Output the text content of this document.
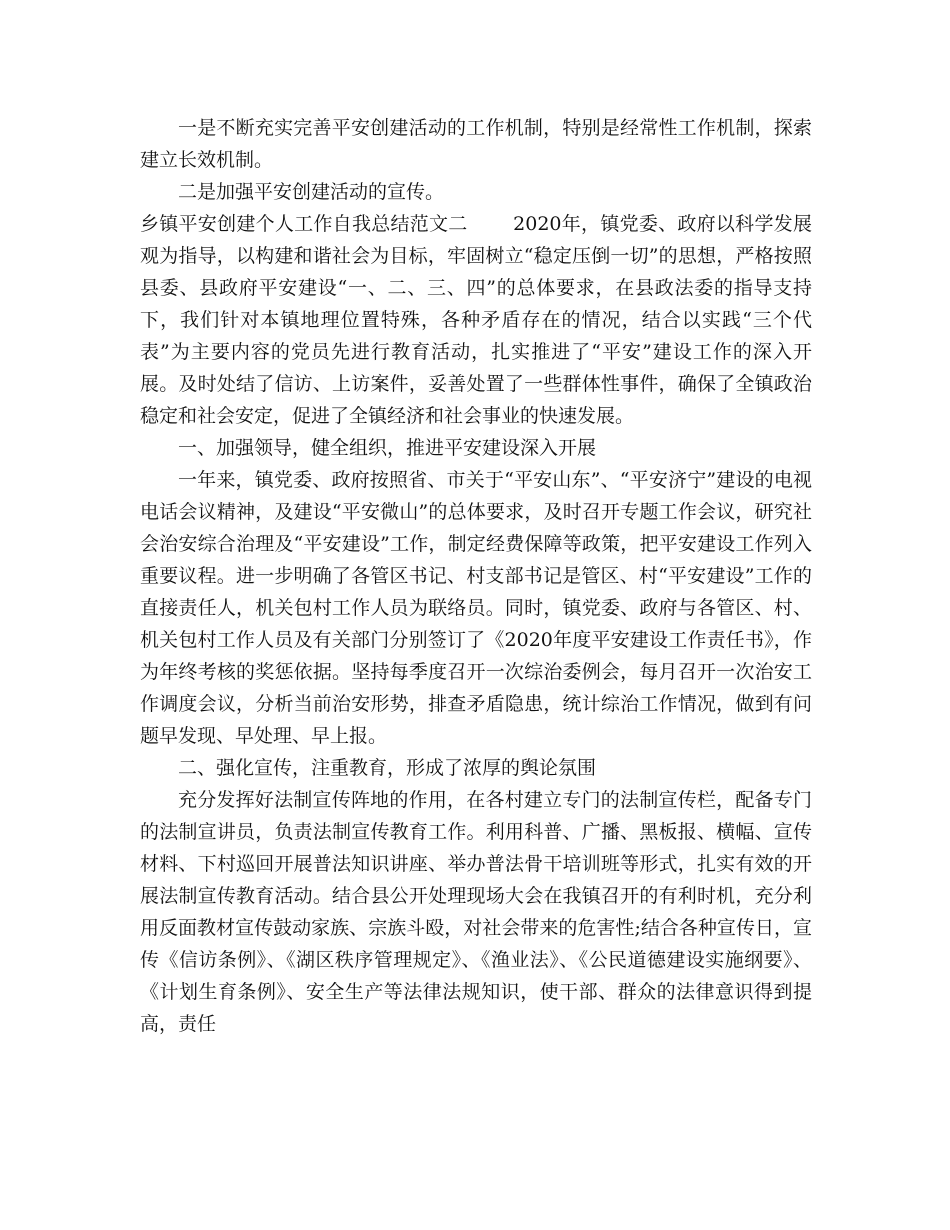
一是不断充实完善平安创建活动的工作机制，特别是经常性工作机制，探索建立长效机制。

二是加强平安创建活动的宣传。

乡镇平安创建个人工作自我总结范文二 2020年，镇党委、政府以科学发展观为指导，以构建和谐社会为目标，牢固树立“稳定压倒一切”的思想，严格按照县委、县政府平安建设“一、二、三、四”的总体要求，在县政法委的指导支持下，我们针对本镇地理位置特殊，各种矛盾存在的情况，结合以实践“三个代表”为主要内容的党员先进行教育活动，扎实推进了“平安”建设工作的深入开展。及时处结了信访、上访案件，妥善处置了一些群体性事件，确保了全镇政治稳定和社会安定，促进了全镇经济和社会事业的快速发展。

一、加强领导，健全组织，推进平安建设深入开展

一年来，镇党委、政府按照省、市关于“平安山东”、“平安济宁”建设的电视电话会议精神，及建设“平安微山”的总体要求，及时召开专题工作会议，研究社会治安综合治理及“平安建设”工作，制定经费保障等政策，把平安建设工作列入重要议程。进一步明确了各管区书记、村支部书记是管区、村“平安建设”工作的直接责任人，机关包村工作人员为联络员。同时，镇党委、政府与各管区、村、机关包村工作人员及有关部门分别签订了《2020年度平安建设工作责任书》，作为年终考核的奖惩依据。坚持每季度召开一次综治委例会，每月召开一次治安工作调度会议，分析当前治安形势，排查矛盾隐患，统计综治工作情况，做到有问题早发现、早处理、早上报。

二、强化宣传，注重教育，形成了浓厚的舆论氛围

充分发挥好法制宣传阵地的作用，在各村建立专门的法制宣传栏，配备专门的法制宣讲员，负责法制宣传教育工作。利用科普、广播、黑板报、横幅、宣传材料、下村巡回开展普法知识讲座、举办普法骨干培训班等形式，扎实有效的开展法制宣传教育活动。结合县公开处理现场大会在我镇召开的有利时机，充分利用反面教材宣传鼓动家族、宗族斗殴，对社会带来的危害性;结合各种宣传日，宣传《信访条例》、《湖区秩序管理规定》、《渔业法》、《公民道德建设实施纲要》、《计划生育条例》、安全生产等法律法规知识，使干部、群众的法律意识得到提高，责任
